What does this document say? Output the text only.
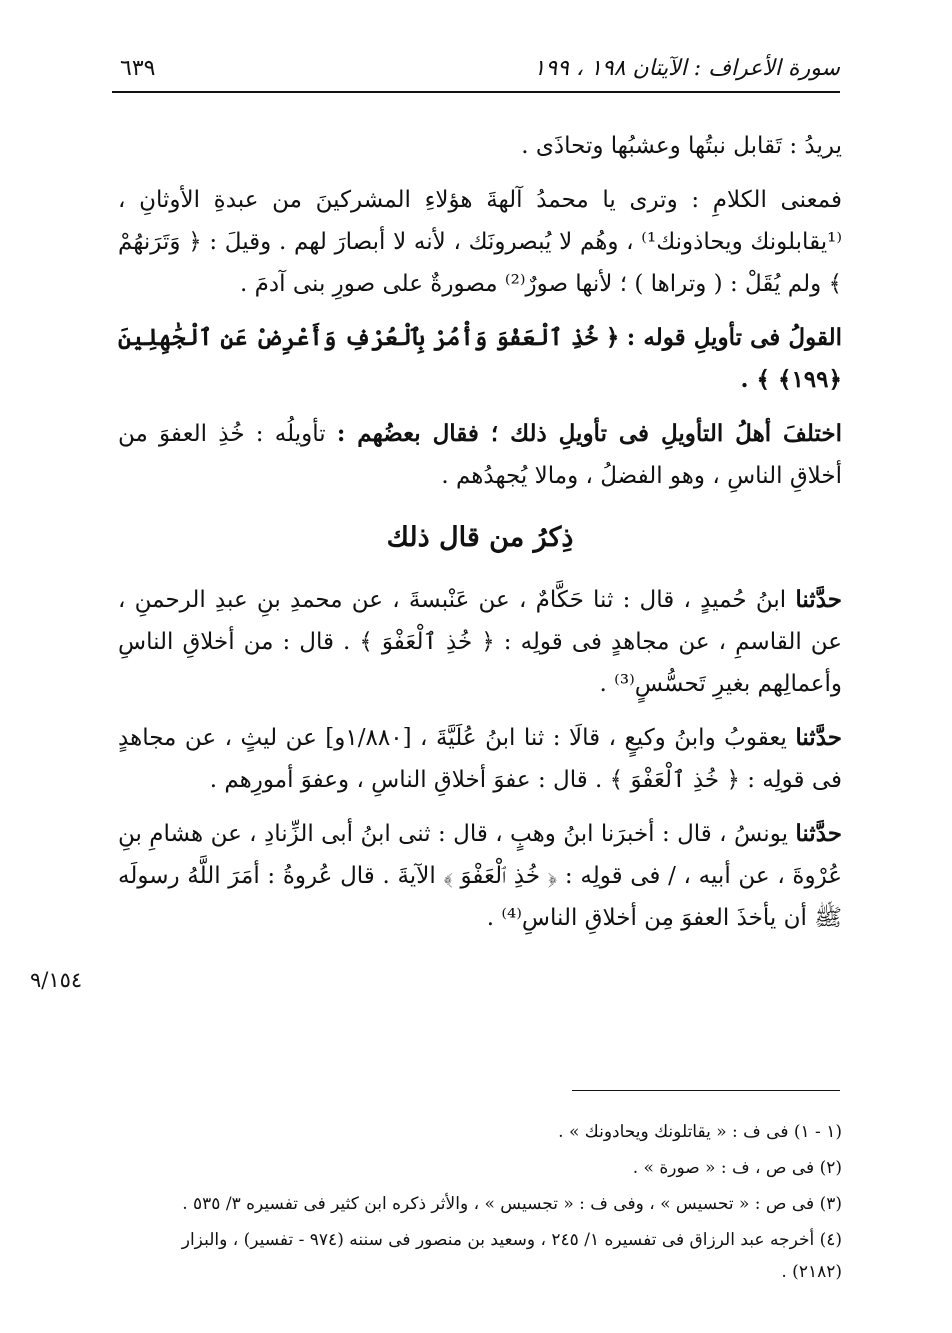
سورة الأعراف : الآيتان ١٩٨ ، ١٩٩
٦٣٩

يريدُ : تَقابل نبتُها وعشبُها وتحاذَى .

فمعنى الكلامِ : وترى يا محمدُ آلهةَ هؤلاءِ المشركينَ من عبدةِ الأوثانِ ، ⁽¹يقابلونك ويحاذونك¹⁾ ، وهُم لا يُبصرونَك ، لأنه لا أبصارَ لهم . وقيلَ : ﴿ وَتَرَنهُمْ ﴾ ولم يُقَلْ : ( وتراها ) ؛ لأنها صورٌ⁽²⁾ مصورةٌ على صورِ بنى آدمَ .

القولُ فى تأويلِ قوله : ﴿ خُذِ ٱلْعَفْوَ وَأْمُرْ بِٱلْعُرْفِ وَأَعْرِضْ عَنِ ٱلْجَٰهِلِينَ ﴿١٩٩﴾ ﴾ .

اختلفَ أهلُ التأويلِ فى تأويلِ ذلك ؛ فقال بعضُهم : تأويلُه : خُذِ العفوَ من أخلاقِ الناسِ ، وهو الفضلُ ، ومالا يُجهدُهم .

ذِكرُ من قال ذلك

حدَّثنا ابنُ حُميدٍ ، قال : ثنا حَكَّامٌ ، عن عَنْبسةَ ، عن محمدِ بنِ عبدِ الرحمنِ ، عن القاسمِ ، عن مجاهدٍ فى قولِه : ﴿ خُذِ ٱلْعَفْوَ ﴾ . قال : من أخلاقِ الناسِ وأعمالِهم بغيرِ تَحسُّسٍ⁽³⁾ .

حدَّثنا يعقوبُ وابنُ وكيعٍ ، قالَا : ثنا ابنُ عُلَيَّةَ ، [١/٨٨٠و] عن ليثٍ ، عن مجاهدٍ فى قولِه : ﴿ خُذِ ٱلْعَفْوَ ﴾ . قال : عفوَ أخلاقِ الناسِ ، وعفوَ أمورِهم .

حدَّثنا يونسُ ، قال : أخبرَنا ابنُ وهبٍ ، قال : ثنى ابنُ أبى الزِّنادِ ، عن هشامِ بنِ عُرْوةَ ، عن أبيه ، / فى قولِه : ﴿ خُذِ ٱلْعَفْوَ ﴾ الآيةَ . قال عُروةُ : أمَرَ اللَّهُ رسولَه ﷺ أن يأخذَ العفوَ مِن أخلاقِ الناسِ⁽⁴⁾ .

٩/١٥٤

(١ - ١) فى ف : « يقاتلونك ويحادونك » .

(٢) فى ص ، ف : « صورة » .

(٣) فى ص : « تحسيس » ، وفى ف : « تجسيس » ، والأثر ذكره ابن كثير فى تفسيره ٣/ ٥٣٥ .

(٤) أخرجه عبد الرزاق فى تفسيره ١/ ٢٤٥ ، وسعيد بن منصور فى سننه (٩٧٤ - تفسير) ، والبزار (٢١٨٢) .
